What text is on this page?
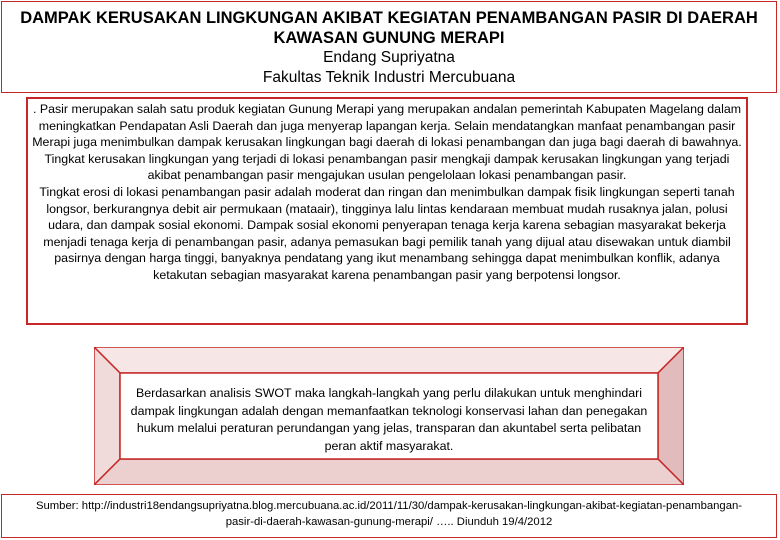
DAMPAK KERUSAKAN LINGKUNGAN AKIBAT KEGIATAN PENAMBANGAN PASIR DI DAERAH KAWASAN GUNUNG MERAPI
Endang Supriyatna
Fakultas Teknik Industri Mercubuana

. Pasir merupakan salah satu produk kegiatan Gunung Merapi yang merupakan andalan pemerintah Kabupaten Magelang dalam meningkatkan Pendapatan Asli Daerah dan juga menyerap lapangan kerja. Selain mendatangkan manfaat penambangan pasir Merapi juga menimbulkan dampak kerusakan lingkungan bagi daerah di lokasi penambangan dan juga bagi daerah di bawahnya. Tingkat kerusakan lingkungan yang terjadi di lokasi penambangan pasir mengkaji dampak kerusakan lingkungan yang terjadi akibat penambangan pasir mengajukan usulan pengelolaan lokasi penambangan pasir.

Tingkat erosi di lokasi penambangan pasir adalah moderat dan ringan dan menimbulkan dampak fisik lingkungan seperti tanah longsor, berkurangnya debit air permukaan (mataair), tingginya lalu lintas kendaraan membuat mudah rusaknya jalan, polusi udara, dan dampak sosial ekonomi. Dampak sosial ekonomi penyerapan tenaga kerja karena sebagian masyarakat bekerja menjadi tenaga kerja di penambangan pasir, adanya pemasukan bagi pemilik tanah yang dijual atau disewakan untuk diambil pasirnya dengan harga tinggi, banyaknya pendatang yang ikut menambang sehingga dapat menimbulkan konflik, adanya ketakutan sebagian masyarakat karena penambangan pasir yang berpotensi longsor.

Berdasarkan analisis SWOT maka langkah-langkah yang perlu dilakukan untuk menghindari dampak lingkungan adalah dengan memanfaatkan teknologi konservasi lahan dan penegakan hukum melalui peraturan perundangan yang jelas, transparan dan akuntabel serta pelibatan peran aktif masyarakat.
Sumber: http://industri18endangsupriyatna.blog.mercubuana.ac.id/2011/11/30/dampak-kerusakan-lingkungan-akibat-kegiatan-penambangan-
pasir-di-daerah-kawasan-gunung-merapi/ ….. Diunduh 19/4/2012
